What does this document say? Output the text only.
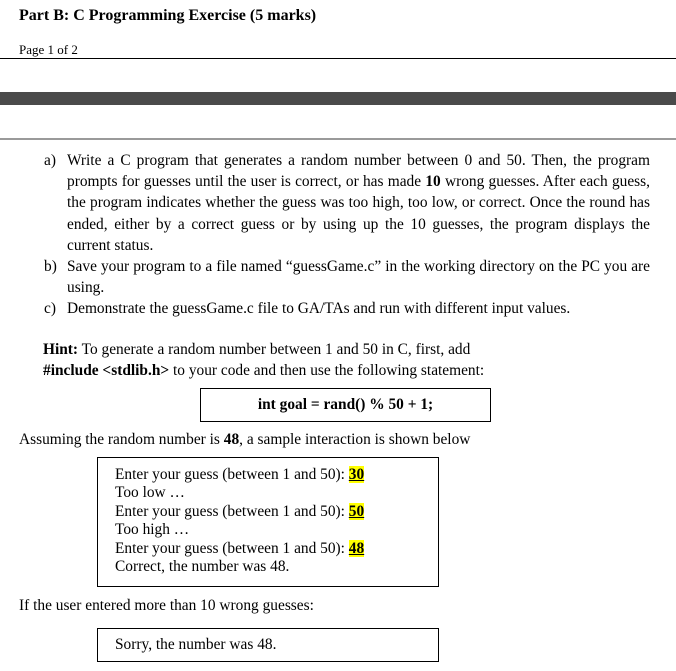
Part B: C Programming Exercise (5 marks)
Page 1 of 2
a) Write a C program that generates a random number between 0 and 50. Then, the program prompts for guesses until the user is correct, or has made 10 wrong guesses. After each guess, the program indicates whether the guess was too high, too low, or correct. Once the round has ended, either by a correct guess or by using up the 10 guesses, the program displays the current status.
b) Save your program to a file named “guessGame.c” in the working directory on the PC you are using.
c) Demonstrate the guessGame.c file to GA/TAs and run with different input values.
Hint: To generate a random number between 1 and 50 in C, first, add
#include <stdlib.h> to your code and then use the following statement:
int goal = rand() % 50 + 1;
Assuming the random number is 48, a sample interaction is shown below
Enter your guess (between 1 and 50): 30
Too low …
Enter your guess (between 1 and 50): 50
Too high …
Enter your guess (between 1 and 50): 48
Correct, the number was 48.
If the user entered more than 10 wrong guesses:
Sorry, the number was 48.
